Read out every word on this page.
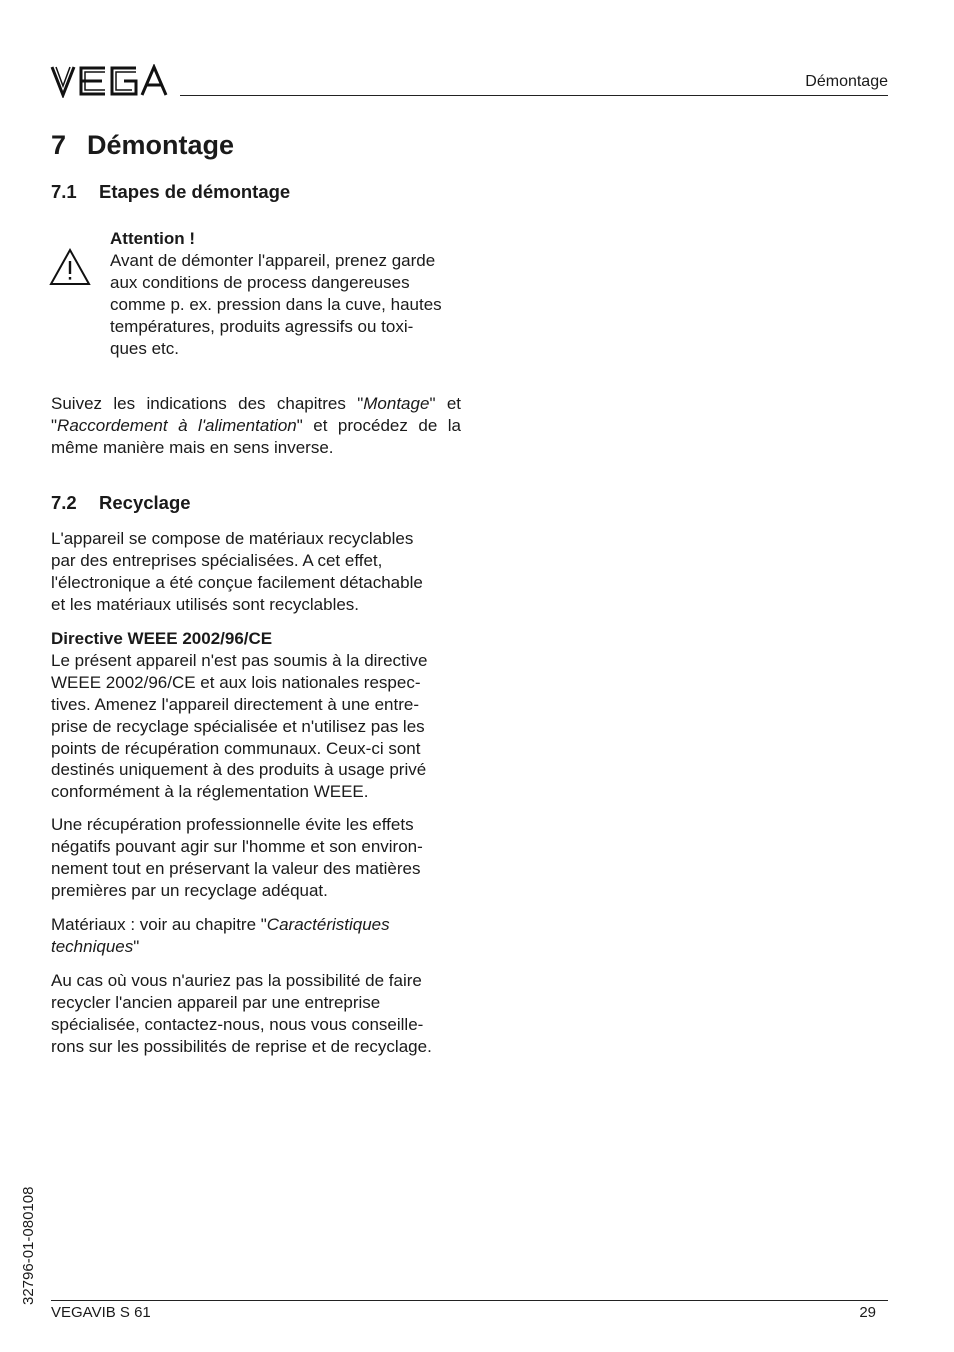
Démontage
7 Démontage
7.1 Etapes de démontage
Attention !
Avant de démonter l'appareil, prenez garde
aux conditions de process dangereuses
comme p. ex. pression dans la cuve, hautes
températures, produits agressifs ou toxi-
ques etc.

Suivez les indications des chapitres "Montage" et "Raccordement à l'alimentation" et procédez de la même manière mais en sens inverse.

7.2 Recyclage
L'appareil se compose de matériaux recyclables
par des entreprises spécialisées. A cet effet,
l'électronique a été conçue facilement détachable
et les matériaux utilisés sont recyclables.
Directive WEEE 2002/96/CE
Le présent appareil n'est pas soumis à la directive
WEEE 2002/96/CE et aux lois nationales respec-
tives. Amenez l'appareil directement à une entre-
prise de recyclage spécialisée et n'utilisez pas les
points de récupération communaux. Ceux-ci sont
destinés uniquement à des produits à usage privé
conformément à la réglementation WEEE.
Une récupération professionnelle évite les effets
négatifs pouvant agir sur l'homme et son environ-
nement tout en préservant la valeur des matières
premières par un recyclage adéquat.

Matériaux : voir au chapitre "Caractéristiques techniques"

Au cas où vous n'auriez pas la possibilité de faire
recycler l'ancien appareil par une entreprise
spécialisée, contactez-nous, nous vous conseille-
rons sur les possibilités de reprise et de recyclage.
32796-01-080108
VEGAVIB S 61	29
